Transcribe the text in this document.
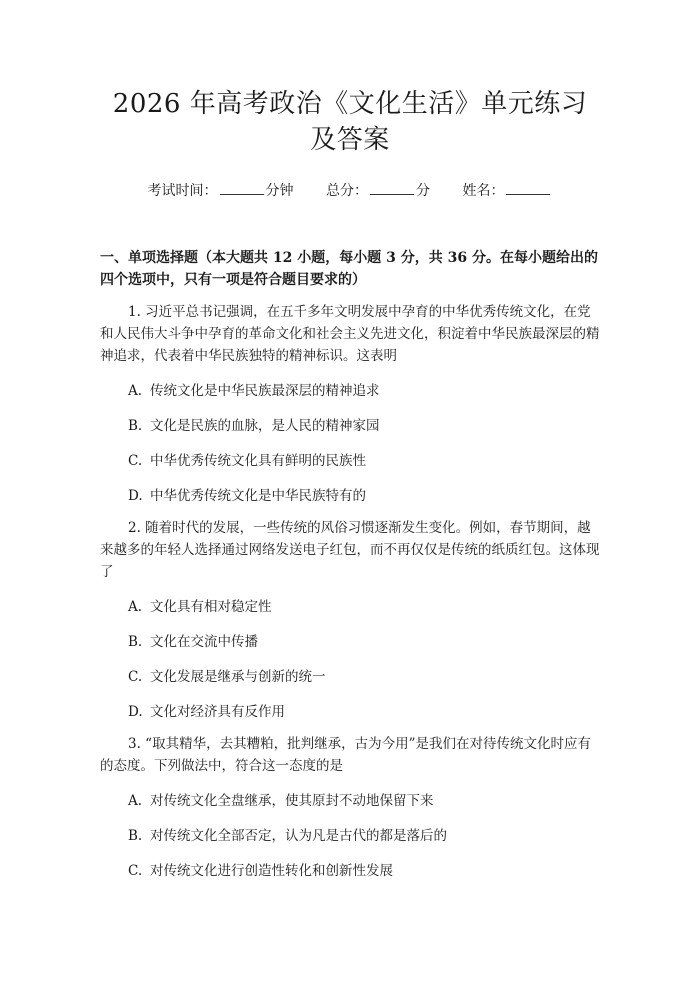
2026 年高考政治《文化生活》单元练习及答案
考试时间：	分钟 总分：	分 姓名：
一、单项选择题（本大题共 12 小题，每小题 3 分，共 36 分。在每小题给出的四个选项中，只有一项是符合题目要求的）
1. 习近平总书记强调，在五千多年文明发展中孕育的中华优秀传统文化，在党和人民伟大斗争中孕育的革命文化和社会主义先进文化，积淀着中华民族最深层的精神追求，代表着中华民族独特的精神标识。这表明
A. 传统文化是中华民族最深层的精神追求
B. 文化是民族的血脉，是人民的精神家园
C. 中华优秀传统文化具有鲜明的民族性
D. 中华优秀传统文化是中华民族特有的
2. 随着时代的发展，一些传统的风俗习惯逐渐发生变化。例如，春节期间，越来越多的年轻人选择通过网络发送电子红包，而不再仅仅是传统的纸质红包。这体现了
A. 文化具有相对稳定性
B. 文化在交流中传播
C. 文化发展是继承与创新的统一
D. 文化对经济具有反作用
3. “取其精华，去其糟粕，批判继承，古为今用”是我们在对待传统文化时应有的态度。下列做法中，符合这一态度的是
A. 对传统文化全盘继承，使其原封不动地保留下来
B. 对传统文化全部否定，认为凡是古代的都是落后的
C. 对传统文化进行创造性转化和创新性发展
